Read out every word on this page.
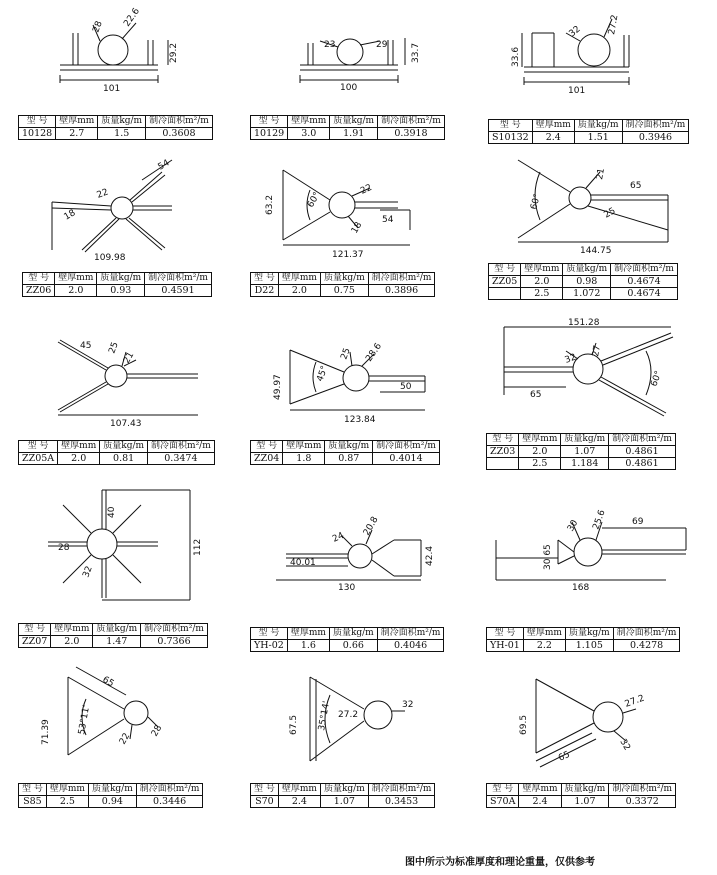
28 22.6
29.2
101
型 号	壁厚mm	质量kg/m	制冷面积m²/m
10128	2.7	1.5	0.3608
23	29	33.7
100
型 号	壁厚mm	质量kg/m	制冷面积m²/m
10129	3.0	1.91	0.3918
32	27.2
33.6
101
型 号	壁厚mm	质量kg/m	制冷面积m²/m
S10132	2.4	1.51	0.3946
54
22
18
109.98
型 号	壁厚mm	质量kg/m	制冷面积m²/m
ZZ06	2.0	0.93	0.4591
63.2	60°
22
18
54
121.37
型 号	壁厚mm	质量kg/m	制冷面积m²/m
D22	2.0	0.75	0.3896
60°
21
65
25
144.75
型 号	壁厚mm	质量kg/m	制冷面积m²/m
ZZ05	2.0	0.98	0.4674
	2.5	1.072	0.4674
45 25
21
107.43
型 号	壁厚mm	质量kg/m	制冷面积m²/m
ZZ05A	2.0	0.81	0.3474
49.97
45°
25 28.6
50
123.84
型 号	壁厚mm	质量kg/m	制冷面积m²/m
ZZ04	1.8	0.87	0.4014
151.28
32
27
65
60°
型 号	壁厚mm	质量kg/m	制冷面积m²/m
ZZ03	2.0	1.07	0.4861
	2.5	1.184	0.4861
40
28
32
112
型 号	壁厚mm	质量kg/m	制冷面积m²/m
ZZ07	2.0	1.47	0.7366
24
20.8
40.01	42.4
130
型 号	壁厚mm	质量kg/m	制冷面积m²/m
YH-02	1.6	0.66	0.4046
30 25.6	69
30 65
168
型 号	壁厚mm	质量kg/m	制冷面积m²/m
YH-01	2.2	1.105	0.4278
65
71.39	53°11'
22
28
型 号	壁厚mm	质量kg/m	制冷面积m²/m
S85	2.5	0.94	0.3446
67.5 35°14' 27.2
32
型 号	壁厚mm	质量kg/m	制冷面积m²/m
S70	2.4	1.07	0.3453
69.5
27.2
32
65
型 号	壁厚mm	质量kg/m	制冷面积m²/m
S70A	2.4	1.07	0.3372
图中所示为标准厚度和理论重量，仅供参考
